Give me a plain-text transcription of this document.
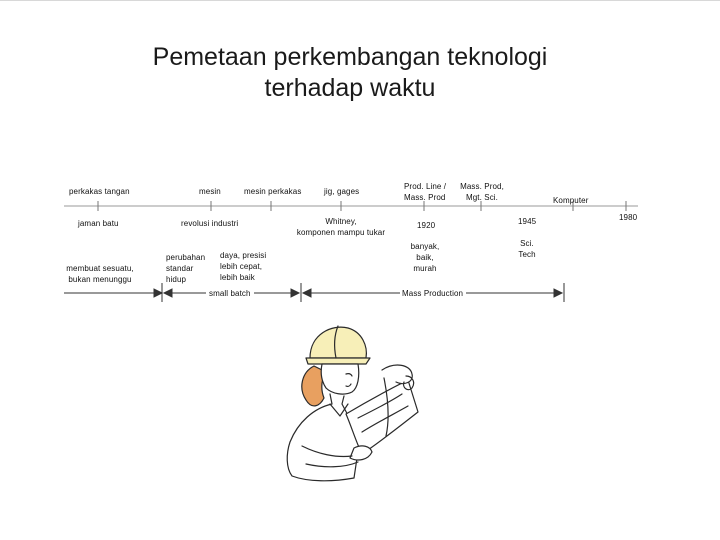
Pemetaan perkembangan teknologi
terhadap waktu
perkakas tangan	mesin	mesin perkakas	jig, gages
Prod. Line /
Mass. Prod
Mass. Prod,
Mgt. Sci.	Komputer
jaman batu	revolusi industri	Whitney,
komponen mampu tukar
1920	1945	1980
membuat sesuatu,
bukan menunggu
perubahan
standar
hidup
daya, presisi
lebih cepat,
lebih baik
banyak,
baik,
murah
Sci.
Tech
small batch	Mass Production
